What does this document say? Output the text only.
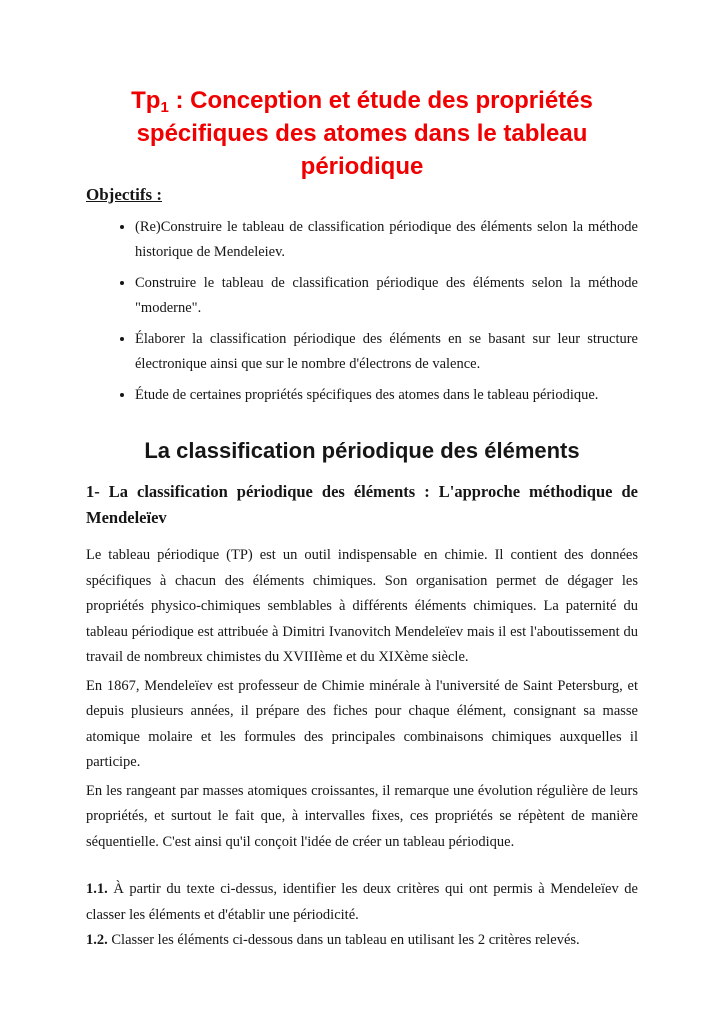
$Tp_1$ : Conception et étude des propriétés spécifiques des atomes dans le tableau périodique
Objectifs :
• (Re)Construire le tableau de classification périodique des éléments selon la méthode historique de Mendeleiev.
• Construire le tableau de classification périodique des éléments selon la méthode "moderne".
• Élaborer la classification périodique des éléments en se basant sur leur structure électronique ainsi que sur le nombre d'électrons de valence.
• Étude de certaines propriétés spécifiques des atomes dans le tableau périodique.
La classification périodique des éléments
1- La classification périodique des éléments : L'approche méthodique de Mendeleïev

Le tableau périodique (TP) est un outil indispensable en chimie. Il contient des données spécifiques à chacun des éléments chimiques. Son organisation permet de dégager les propriétés physico-chimiques semblables à différents éléments chimiques. La paternité du tableau périodique est attribuée à Dimitri Ivanovitch Mendeleïev mais il est l'aboutissement du travail de nombreux chimistes du XVIIIème et du XIXème siècle.

En 1867, Mendeleïev est professeur de Chimie minérale à l'université de Saint Petersburg, et depuis plusieurs années, il prépare des fiches pour chaque élément, consignant sa masse atomique molaire et les formules des principales combinaisons chimiques auxquelles il participe.

En les rangeant par masses atomiques croissantes, il remarque une évolution régulière de leurs propriétés, et surtout le fait que, à intervalles fixes, ces propriétés se répètent de manière séquentielle. C'est ainsi qu'il conçoit l'idée de créer un tableau périodique.

1.1. À partir du texte ci-dessus, identifier les deux critères qui ont permis à Mendeleïev de classer les éléments et d'établir une périodicité.

1.2. Classer les éléments ci-dessous dans un tableau en utilisant les 2 critères relevés.
